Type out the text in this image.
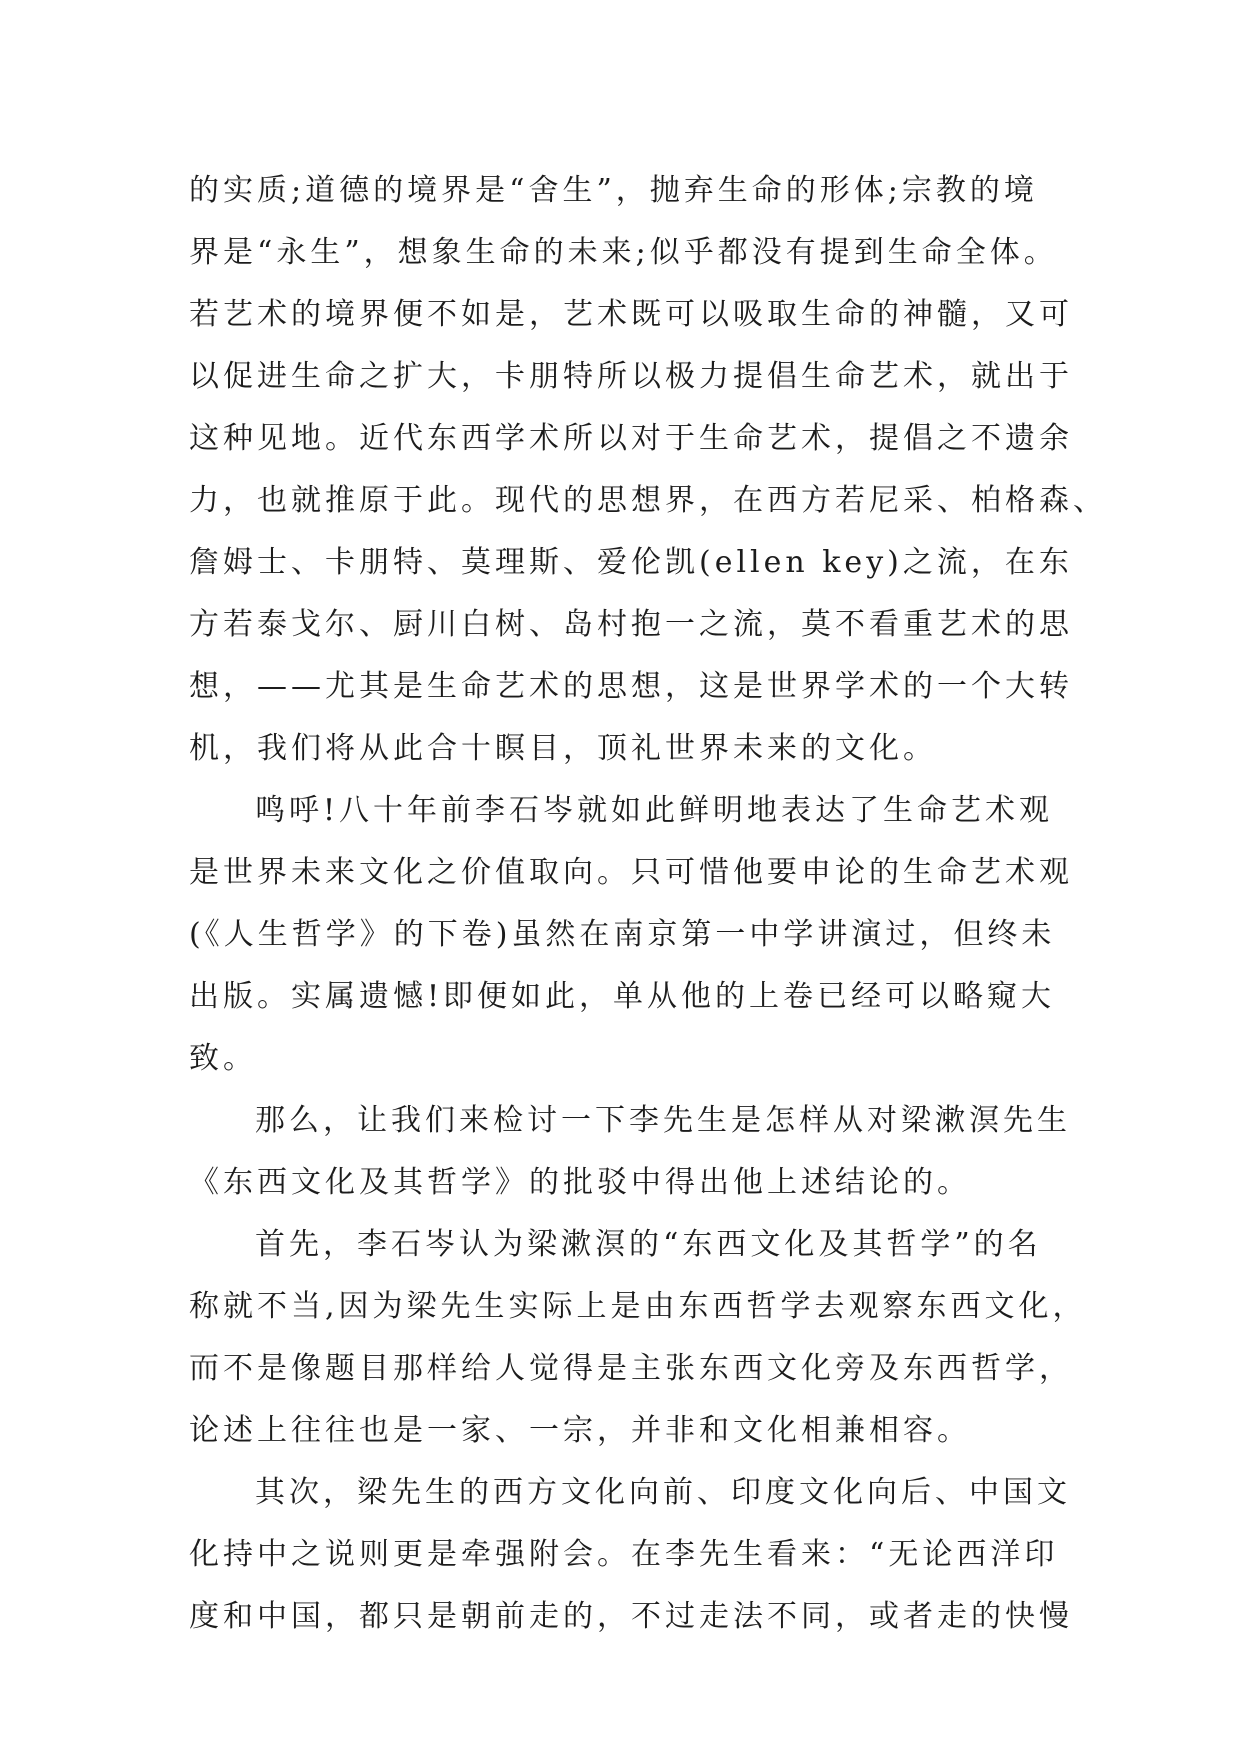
的实质;道德的境界是“舍生”，抛弃生命的形体;宗教的境
界是“永生”，想象生命的未来;似乎都没有提到生命全体。
若艺术的境界便不如是，艺术既可以吸取生命的神髓，又可
以促进生命之扩大，卡朋特所以极力提倡生命艺术，就出于
这种见地。近代东西学术所以对于生命艺术，提倡之不遗余
力，也就推原于此。现代的思想界，在西方若尼采、柏格森、
詹姆士、卡朋特、莫理斯、爱伦凯(ellen key)之流，在东
方若泰戈尔、厨川白树、岛村抱一之流，莫不看重艺术的思
想，——尤其是生命艺术的思想，这是世界学术的一个大转
机，我们将从此合十瞑目，顶礼世界未来的文化。
鸣呼!八十年前李石岑就如此鲜明地表达了生命艺术观
是世界未来文化之价值取向。只可惜他要申论的生命艺术观
(《人生哲学》的下卷)虽然在南京第一中学讲演过，但终未
出版。实属遗憾!即便如此，单从他的上卷已经可以略窥大
致。
那么，让我们来检讨一下李先生是怎样从对梁漱溟先生
《东西文化及其哲学》的批驳中得出他上述结论的。
首先，李石岑认为梁漱溟的“东西文化及其哲学”的名
称就不当,因为梁先生实际上是由东西哲学去观察东西文化，
而不是像题目那样给人觉得是主张东西文化旁及东西哲学，
论述上往往也是一家、一宗，并非和文化相兼相容。
其次，梁先生的西方文化向前、印度文化向后、中国文
化持中之说则更是牵强附会。在李先生看来：“无论西洋印
度和中国，都只是朝前走的，不过走法不同，或者走的快慢
